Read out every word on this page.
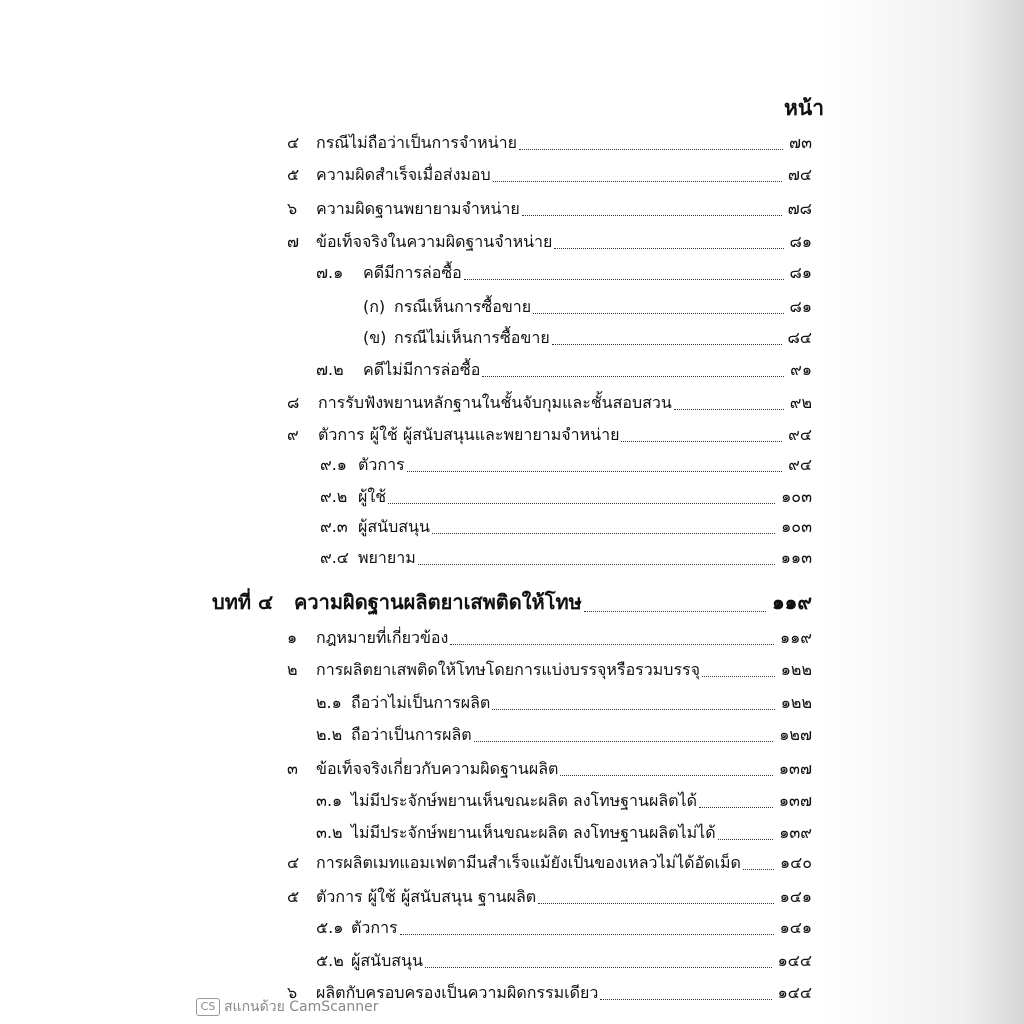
หน้า
๔	กรณีไม่ถือว่าเป็นการจำหน่าย	๗๓
๕	ความผิดสำเร็จเมื่อส่งมอบ	๗๔
๖	ความผิดฐานพยายามจำหน่าย	๗๘
๗	ข้อเท็จจริงในความผิดฐานจำหน่าย	๘๑
๗.๑	คดีมีการล่อซื้อ	๘๑
(ก) กรณีเห็นการซื้อขาย	๘๑
(ข) กรณีไม่เห็นการซื้อขาย	๘๔
๗.๒	คดีไม่มีการล่อซื้อ	๙๑
๘	การรับฟังพยานหลักฐานในชั้นจับกุมและชั้นสอบสวน	๙๒
๙	ตัวการ ผู้ใช้ ผู้สนับสนุนและพยายามจำหน่าย	๙๔
๙.๑ ตัวการ	๙๔
๙.๒ ผู้ใช้	๑๐๓
๙.๓ ผู้สนับสนุน	๑๐๓
๙.๔ พยายาม	๑๑๓
บทที่ ๔	ความผิดฐานผลิตยาเสพติดให้โทษ	๑๑๙
๑	กฎหมายที่เกี่ยวข้อง	๑๑๙
๒	การผลิตยาเสพติดให้โทษโดยการแบ่งบรรจุหรือรวมบรรจุ	๑๒๒
๒.๑ ถือว่าไม่เป็นการผลิต	๑๒๒
๒.๒ ถือว่าเป็นการผลิต	๑๒๗
๓	ข้อเท็จจริงเกี่ยวกับความผิดฐานผลิต	๑๓๗
๓.๑ ไม่มีประจักษ์พยานเห็นขณะผลิต ลงโทษฐานผลิตได้	๑๓๗
๓.๒ ไม่มีประจักษ์พยานเห็นขณะผลิต ลงโทษฐานผลิตไม่ได้	๑๓๙
๔	การผลิตเมทแอมเฟตามีนสำเร็จแม้ยังเป็นของเหลวไม่ได้อัดเม็ด ๑๔๐
๕	ตัวการ ผู้ใช้ ผู้สนับสนุน ฐานผลิต	๑๔๑
๕.๑ ตัวการ	๑๔๑
๕.๒ ผู้สนับสนุน	๑๔๔
๖	ผลิตกับครอบครองเป็นความผิดกรรมเดียว	๑๔๔
CS สแกนด้วย CamScanner
